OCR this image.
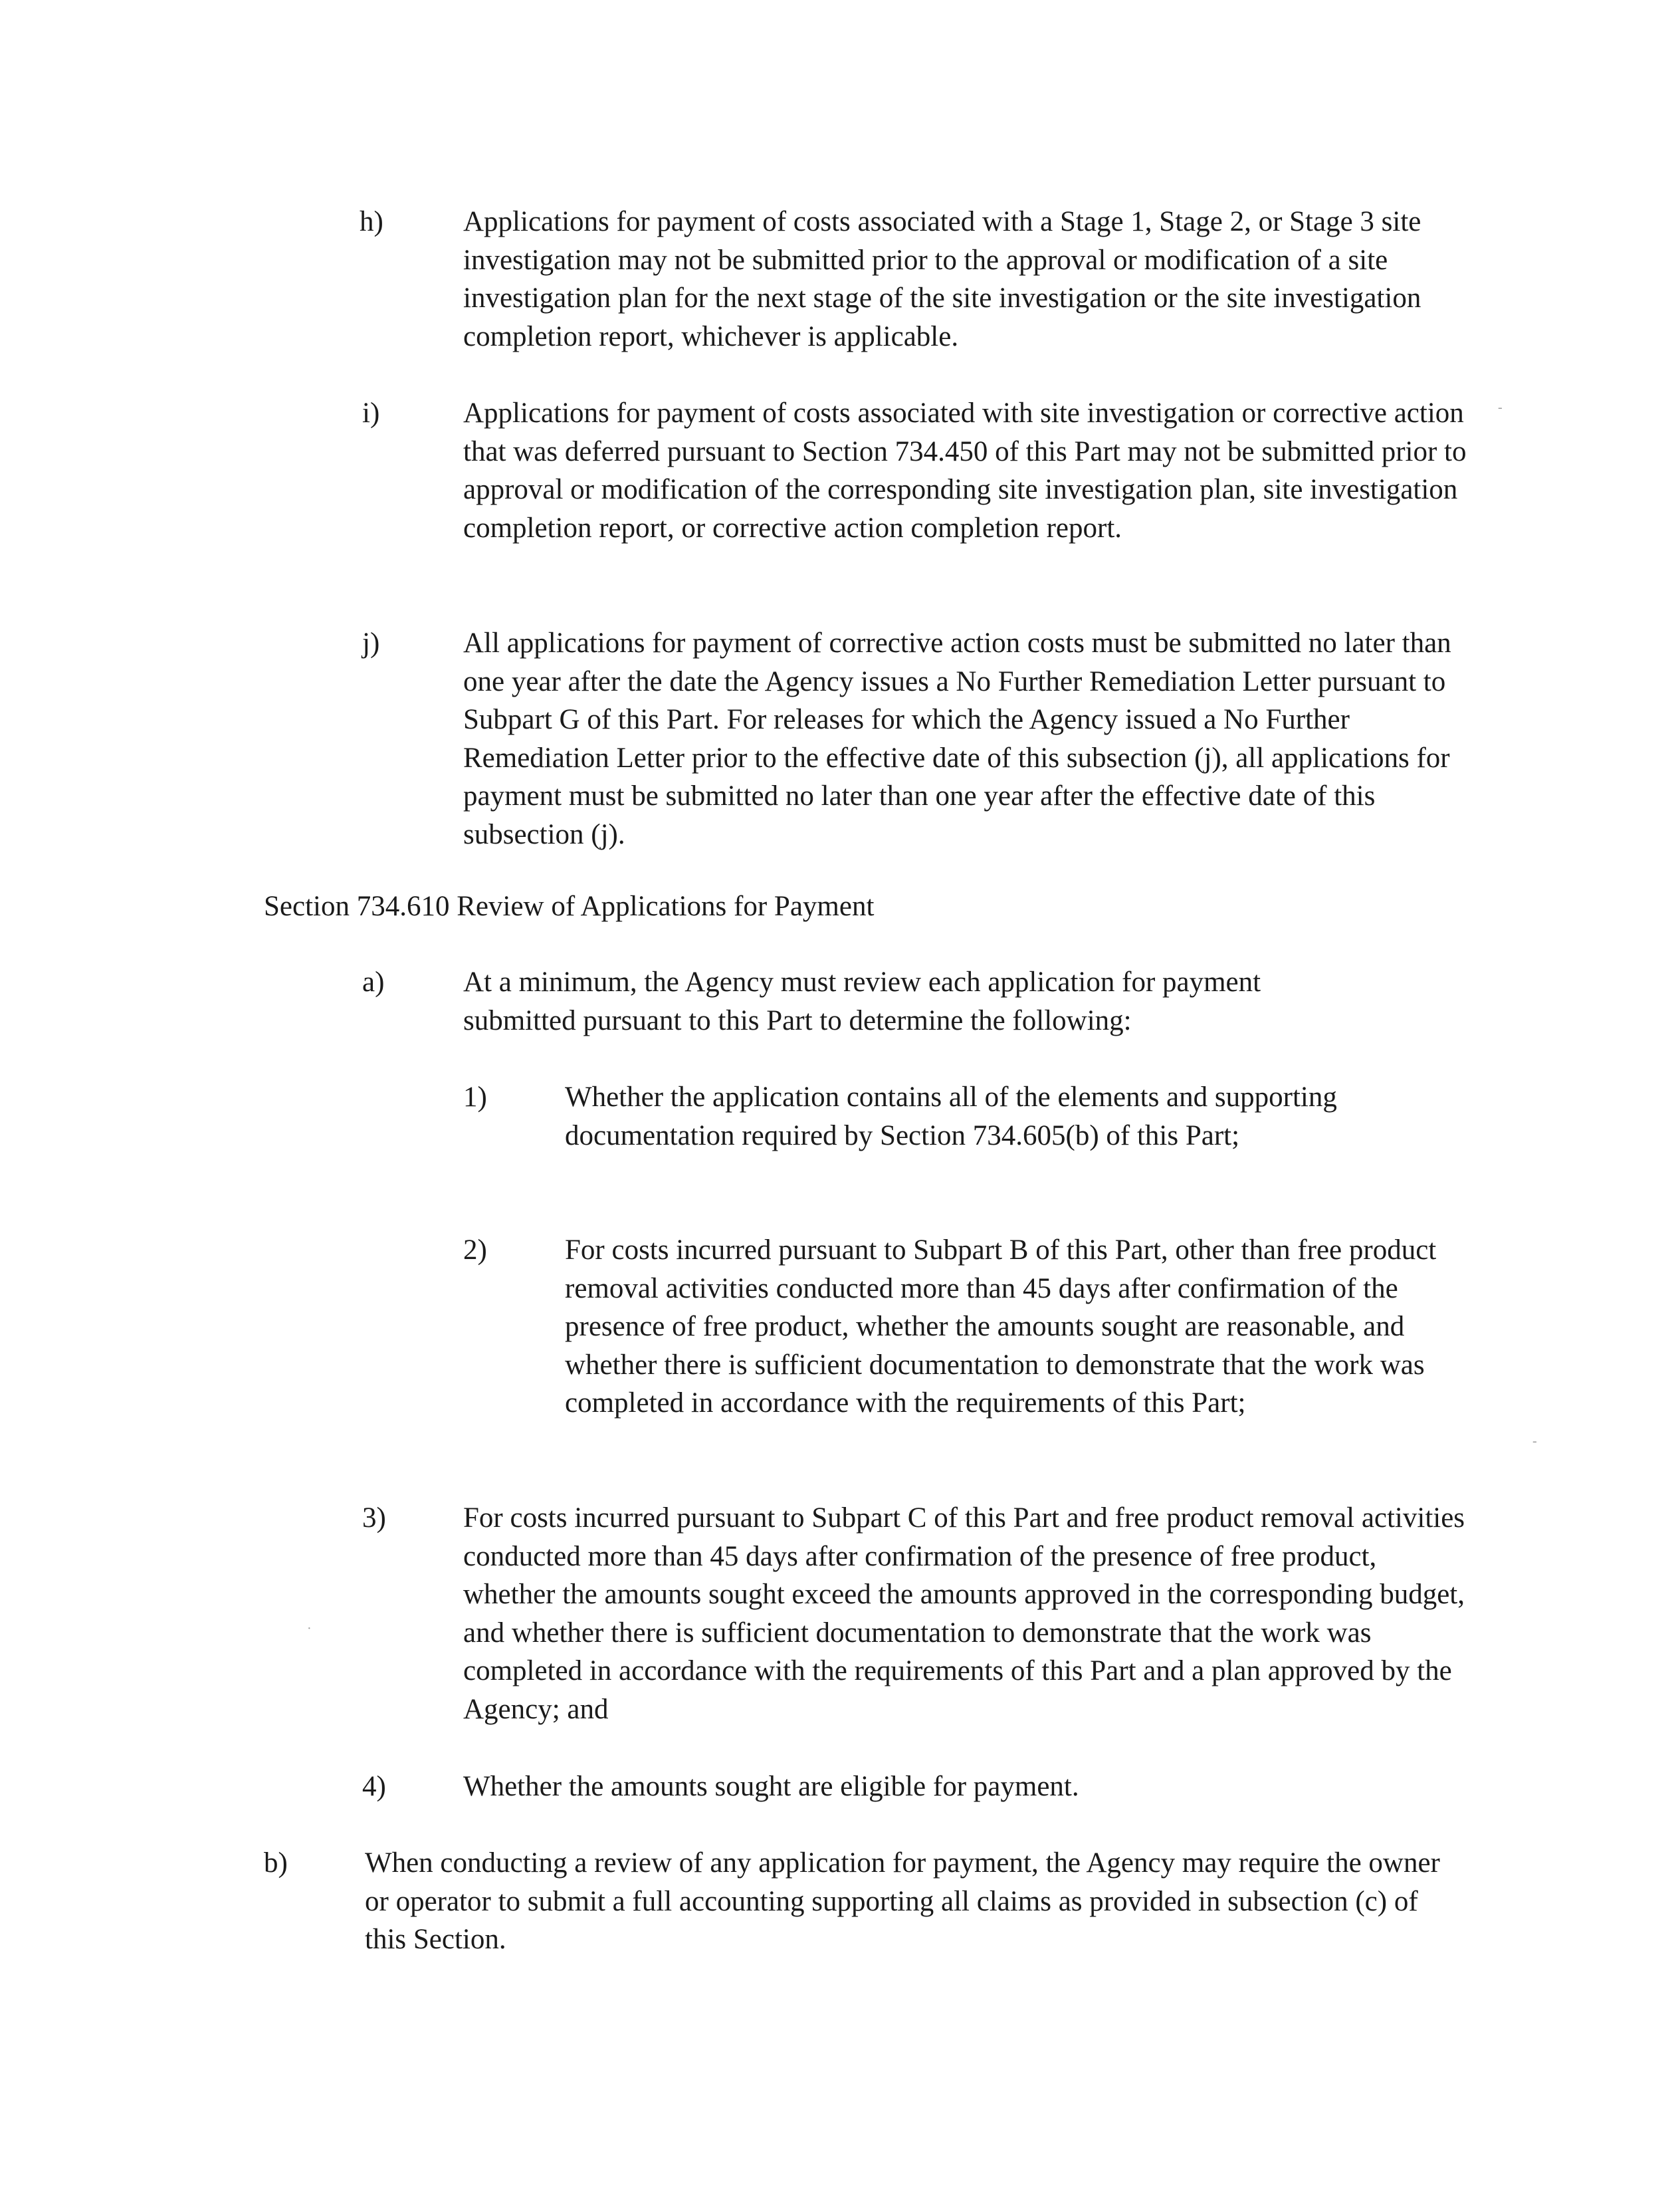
h)	Applications for payment of costs associated with a Stage 1, Stage 2, or Stage 3 site investigation may not be submitted prior to the approval or modification of a site investigation plan for the next stage of the site investigation or the site investigation completion report, whichever is applicable.

i)	Applications for payment of costs associated with site investigation or corrective action that was deferred pursuant to Section 734.450 of this Part may not be submitted prior to approval or modification of the corresponding site investigation plan, site investigation completion report, or corrective action completion report.

j)	All applications for payment of corrective action costs must be submitted no later than one year after the date the Agency issues a No Further Remediation Letter pursuant to Subpart G of this Part. For releases for which the Agency issued a No Further Remediation Letter prior to the effective date of this subsection (j), all applications for payment must be submitted no later than one year after the effective date of this subsection (j).

Section 734.610 Review of Applications for Payment
a)	At a minimum, the Agency must review each application for payment submitted pursuant to this Part to determine the following:

1)	Whether the application contains all of the elements and supporting documentation required by Section 734.605(b) of this Part;

2)	For costs incurred pursuant to Subpart B of this Part, other than free product removal activities conducted more than 45 days after confirmation of the presence of free product, whether the amounts sought are reasonable, and whether there is sufficient documentation to demonstrate that the work was completed in accordance with the requirements of this Part;

3)	For costs incurred pursuant to Subpart C of this Part and free product removal activities conducted more than 45 days after confirmation of the presence of free product, whether the amounts sought exceed the amounts approved in the corresponding budget, and whether there is sufficient documentation to demonstrate that the work was completed in accordance with the requirements of this Part and a plan approved by the Agency; and

4)	Whether the amounts sought are eligible for payment.

b)	When conducting a review of any application for payment, the Agency may require the owner or operator to submit a full accounting supporting all claims as provided in subsection (c) of this Section.

-
-
·
